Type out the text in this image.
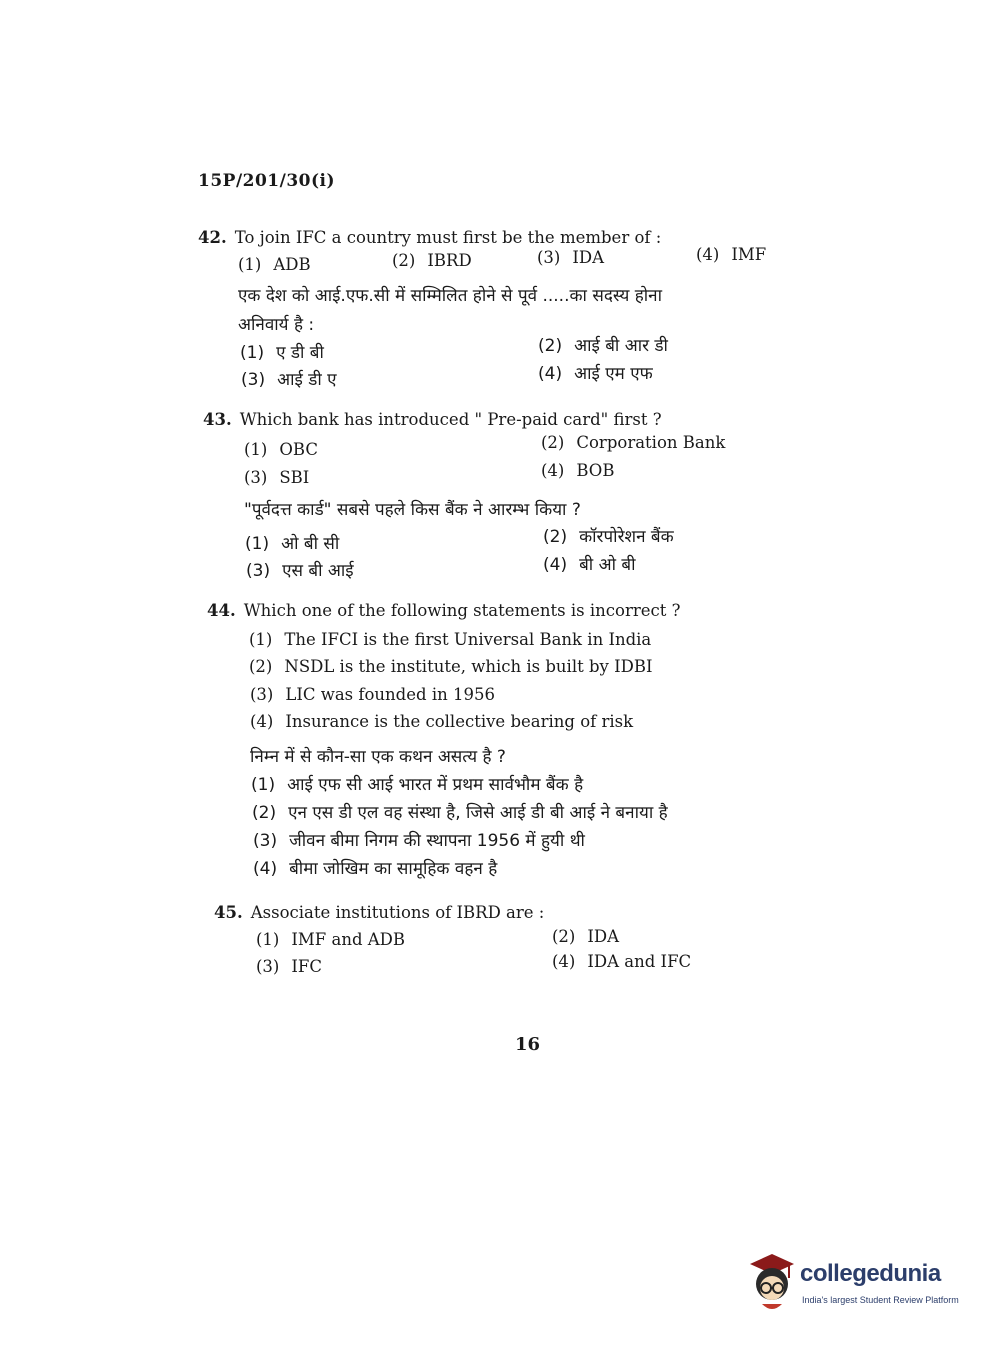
15P/201/30(i)
42. To join IFC a country must first be the member of :
(1) ADB	(2) IBRD	(3) IDA	(4) IMF
एक देश को आई.एफ.सी में सम्मिलित होने से पूर्व .....का सदस्य होना
अनिवार्य है :
(1) ए डी बी	(2) आई बी आर डी
(3) आई डी ए	(4) आई एम एफ
43. Which bank has introduced " Pre-paid card" first ?
(1) OBC	(2) Corporation Bank
(3) SBI	(4) BOB
"पूर्वदत्त कार्ड" सबसे पहले किस बैंक ने आरम्भ किया ?
(1) ओ बी सी	(2) कॉरपोरेशन बैंक
(3) एस बी आई	(4) बी ओ बी
44. Which one of the following statements is incorrect ?
(1) The IFCI is the first Universal Bank in India
(2) NSDL is the institute, which is built by IDBI
(3) LIC was founded in 1956
(4) Insurance is the collective bearing of risk
निम्न में से कौन-सा एक कथन असत्य है ?
(1) आई एफ सी आई भारत में प्रथम सार्वभौम बैंक है
(2) एन एस डी एल वह संस्था है, जिसे आई डी बी आई ने बनाया है
(3) जीवन बीमा निगम की स्थापना 1956 में हुयी थी
(4) बीमा जोखिम का सामूहिक वहन है
45. Associate institutions of IBRD are :
(1) IMF and ADB	(2) IDA
(3) IFC	(4) IDA and IFC
16
collegedunia
India's largest Student Review Platform
